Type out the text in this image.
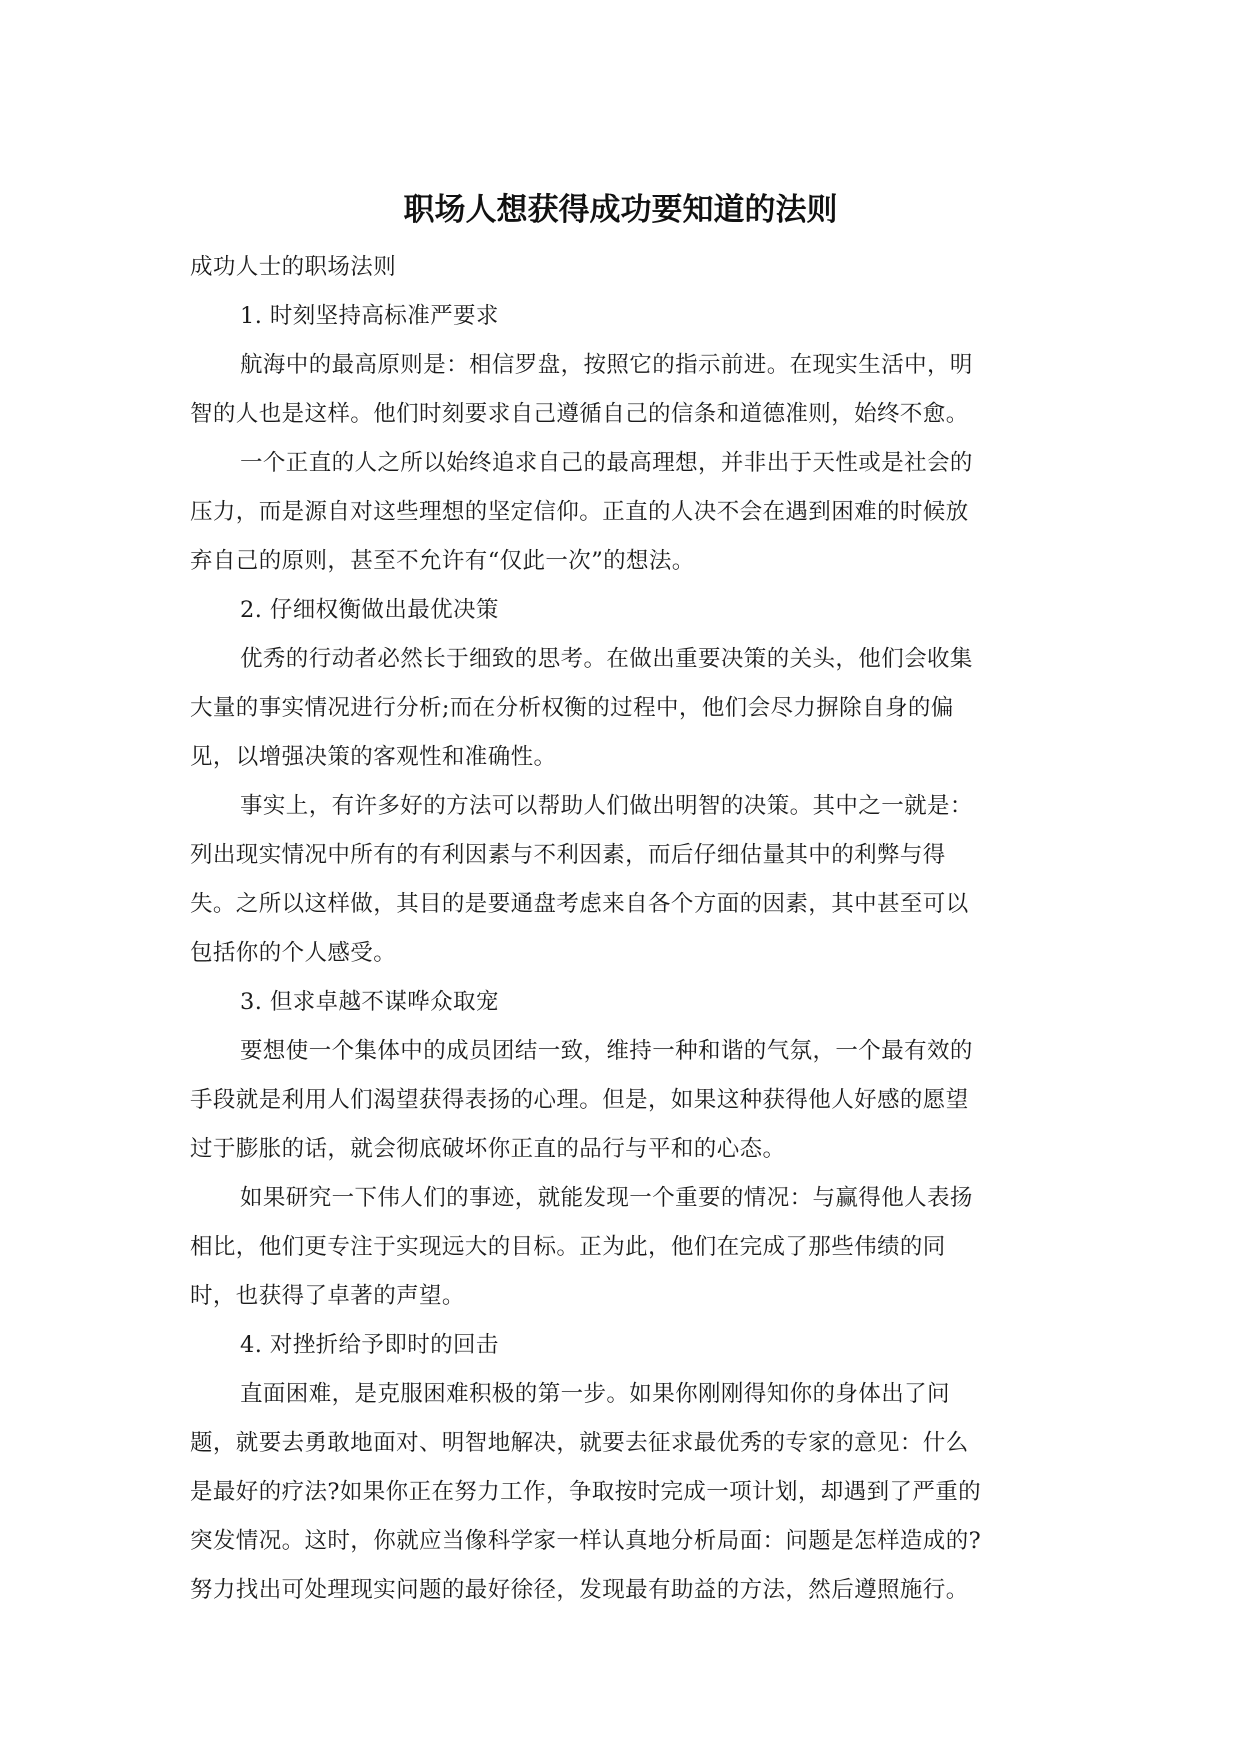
职场人想获得成功要知道的法则

成功人士的职场法则

1. 时刻坚持高标准严要求

航海中的最高原则是：相信罗盘，按照它的指示前进。在现实生活中，明

智的人也是这样。他们时刻要求自己遵循自己的信条和道德准则，始终不愈。

一个正直的人之所以始终追求自己的最高理想，并非出于天性或是社会的

压力，而是源自对这些理想的坚定信仰。正直的人决不会在遇到困难的时候放

弃自己的原则，甚至不允许有“仅此一次”的想法。

2. 仔细权衡做出最优决策

优秀的行动者必然长于细致的思考。在做出重要决策的关头，他们会收集

大量的事实情况进行分析;而在分析权衡的过程中，他们会尽力摒除自身的偏

见，以增强决策的客观性和准确性。

事实上，有许多好的方法可以帮助人们做出明智的决策。其中之一就是：

列出现实情况中所有的有利因素与不利因素，而后仔细估量其中的利弊与得

失。之所以这样做，其目的是要通盘考虑来自各个方面的因素，其中甚至可以

包括你的个人感受。

3. 但求卓越不谋哗众取宠

要想使一个集体中的成员团结一致，维持一种和谐的气氛，一个最有效的

手段就是利用人们渴望获得表扬的心理。但是，如果这种获得他人好感的愿望

过于膨胀的话，就会彻底破坏你正直的品行与平和的心态。

如果研究一下伟人们的事迹，就能发现一个重要的情况：与赢得他人表扬

相比，他们更专注于实现远大的目标。正为此，他们在完成了那些伟绩的同

时，也获得了卓著的声望。

4. 对挫折给予即时的回击

直面困难，是克服困难积极的第一步。如果你刚刚得知你的身体出了问

题，就要去勇敢地面对、明智地解决，就要去征求最优秀的专家的意见：什么

是最好的疗法?如果你正在努力工作，争取按时完成一项计划，却遇到了严重的

突发情况。这时，你就应当像科学家一样认真地分析局面：问题是怎样造成的?

努力找出可处理现实问题的最好徐径，发现最有助益的方法，然后遵照施行。
